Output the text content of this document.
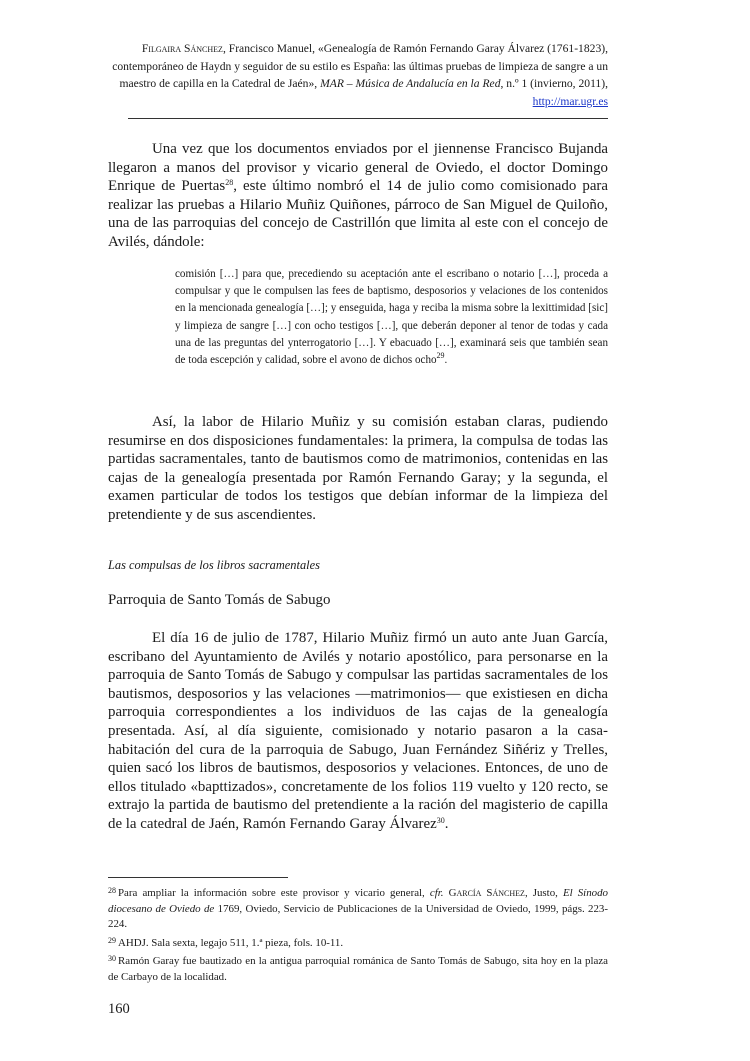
Filgaira Sánchez, Francisco Manuel, «Genealogía de Ramón Fernando Garay Álvarez (1761-1823), contemporáneo de Haydn y seguidor de su estilo es España: las últimas pruebas de limpieza de sangre a un maestro de capilla en la Catedral de Jaén», MAR – Música de Andalucía en la Red, n.º 1 (invierno, 2011), http://mar.ugr.es

Una vez que los documentos enviados por el jiennense Francisco Bujanda llegaron a manos del provisor y vicario general de Oviedo, el doctor Domingo Enrique de Puertas$^{28}$, este último nombró el 14 de julio como comisionado para realizar las pruebas a Hilario Muñiz Quiñones, párroco de San Miguel de Quiloño, una de las parroquias del concejo de Castrillón que limita al este con el concejo de Avilés, dándole:

comisión […] para que, precediendo su aceptación ante el escribano o notario […], proceda a compulsar y que le compulsen las fees de baptismo, desposorios y velaciones de los contenidos en la mencionada genealogía […]; y enseguida, haga y reciba la misma sobre la lexittimidad [sic] y limpieza de sangre […] con ocho testigos […], que deberán deponer al tenor de todas y cada una de las preguntas del ynterrogatorio […]. Y ebacuado […], examinará seis que también sean de toda escepción y calidad, sobre el avono de dichos ocho$^{29}$.

Así, la labor de Hilario Muñiz y su comisión estaban claras, pudiendo resumirse en dos disposiciones fundamentales: la primera, la compulsa de todas las partidas sacramentales, tanto de bautismos como de matrimonios, contenidas en las cajas de la genealogía presentada por Ramón Fernando Garay; y la segunda, el examen particular de todos los testigos que debían informar de la limpieza del pretendiente y de sus ascendientes.

Las compulsas de los libros sacramentales

Parroquia de Santo Tomás de Sabugo

El día 16 de julio de 1787, Hilario Muñiz firmó un auto ante Juan García, escribano del Ayuntamiento de Avilés y notario apostólico, para personarse en la parroquia de Santo Tomás de Sabugo y compulsar las partidas sacramentales de los bautismos, desposorios y las velaciones —matrimonios— que existiesen en dicha parroquia correspondientes a los individuos de las cajas de la genealogía presentada. Así, al día siguiente, comisionado y notario pasaron a la casa-habitación del cura de la parroquia de Sabugo, Juan Fernández Siñériz y Trelles, quien sacó los libros de bautismos, desposorios y velaciones. Entonces, de uno de ellos titulado «bapttizados», concretamente de los folios 119 vuelto y 120 recto, se extrajo la partida de bautismo del pretendiente a la ración del magisterio de capilla de la catedral de Jaén, Ramón Fernando Garay Álvarez$^{30}$.

$^{28}$ Para ampliar la información sobre este provisor y vicario general, cfr. García Sánchez, Justo, El Sínodo diocesano de Oviedo de 1769, Oviedo, Servicio de Publicaciones de la Universidad de Oviedo, 1999, págs. 223-224.

$^{29}$ AHDJ. Sala sexta, legajo 511, 1.ª pieza, fols. 10-11.

$^{30}$ Ramón Garay fue bautizado en la antigua parroquial románica de Santo Tomás de Sabugo, sita hoy en la plaza de Carbayo de la localidad.

160
